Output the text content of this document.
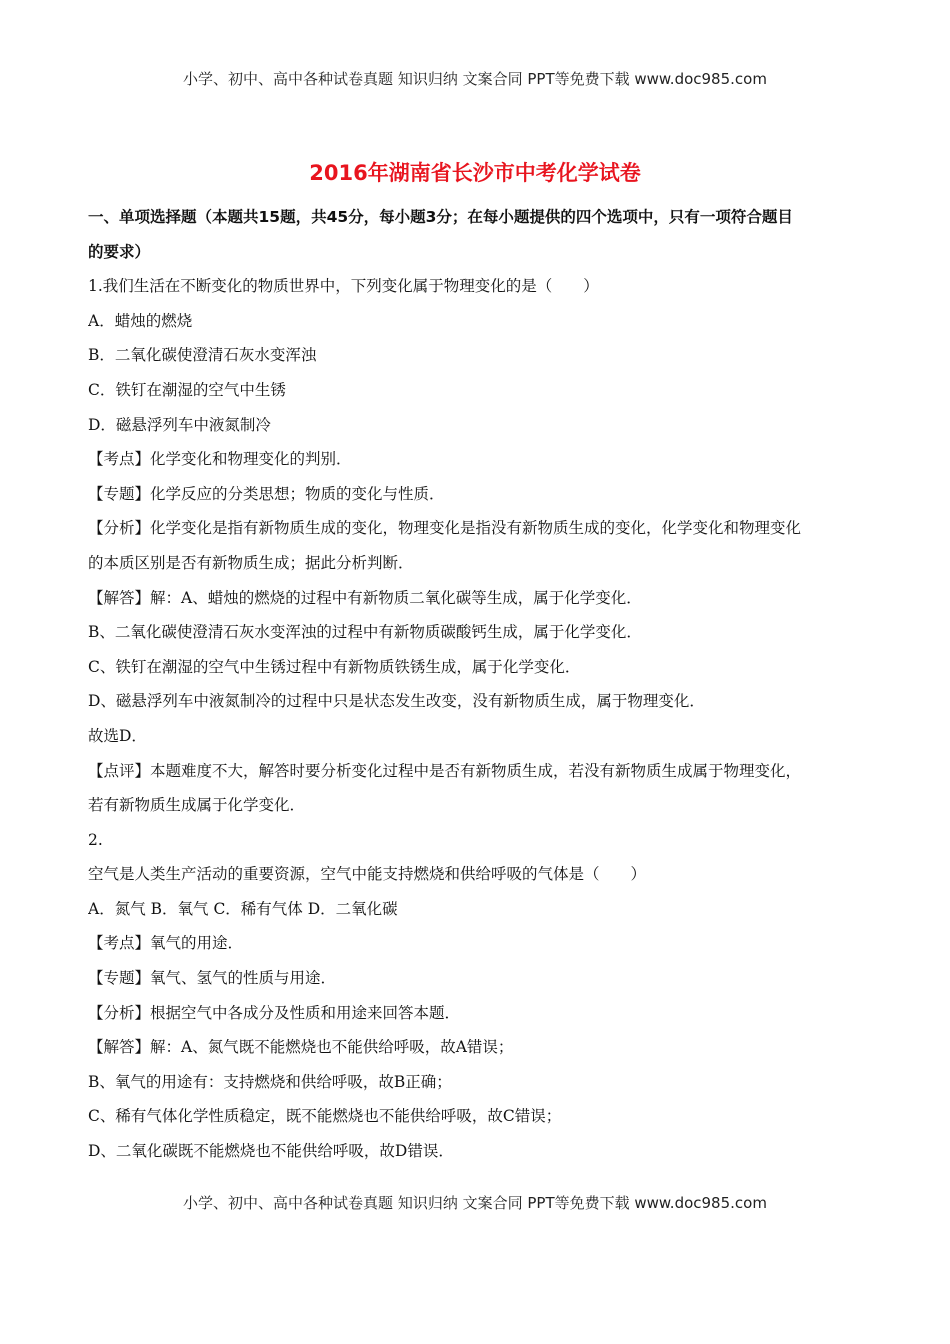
小学、初中、高中各种试卷真题 知识归纳 文案合同 PPT等免费下载 www.doc985.com
2016年湖南省长沙市中考化学试卷
一、单项选择题（本题共15题，共45分，每小题3分；在每小题提供的四个选项中，只有一项符合题目
的要求）
1.我们生活在不断变化的物质世界中，下列变化属于物理变化的是（　　）
A．蜡烛的燃烧
B．二氧化碳使澄清石灰水变浑浊
C．铁钉在潮湿的空气中生锈
D．磁悬浮列车中液氮制冷
【考点】化学变化和物理变化的判别．
【专题】化学反应的分类思想；物质的变化与性质．
【分析】化学变化是指有新物质生成的变化，物理变化是指没有新物质生成的变化，化学变化和物理变化
的本质区别是否有新物质生成；据此分析判断．
【解答】解：A、蜡烛的燃烧的过程中有新物质二氧化碳等生成，属于化学变化．
B、二氧化碳使澄清石灰水变浑浊的过程中有新物质碳酸钙生成，属于化学变化．
C、铁钉在潮湿的空气中生锈过程中有新物质铁锈生成，属于化学变化．
D、磁悬浮列车中液氮制冷的过程中只是状态发生改变，没有新物质生成，属于物理变化．
故选D．
【点评】本题难度不大，解答时要分析变化过程中是否有新物质生成，若没有新物质生成属于物理变化，
若有新物质生成属于化学变化．
2.
空气是人类生产活动的重要资源，空气中能支持燃烧和供给呼吸的气体是（　　）
A．氮气 B．氧气 C．稀有气体 D．二氧化碳
【考点】氧气的用途．
【专题】氧气、氢气的性质与用途．
【分析】根据空气中各成分及性质和用途来回答本题．
【解答】解：A、氮气既不能燃烧也不能供给呼吸，故A错误；
B、氧气的用途有：支持燃烧和供给呼吸，故B正确；
C、稀有气体化学性质稳定，既不能燃烧也不能供给呼吸，故C错误；
D、二氧化碳既不能燃烧也不能供给呼吸，故D错误．
小学、初中、高中各种试卷真题 知识归纳 文案合同 PPT等免费下载 www.doc985.com
